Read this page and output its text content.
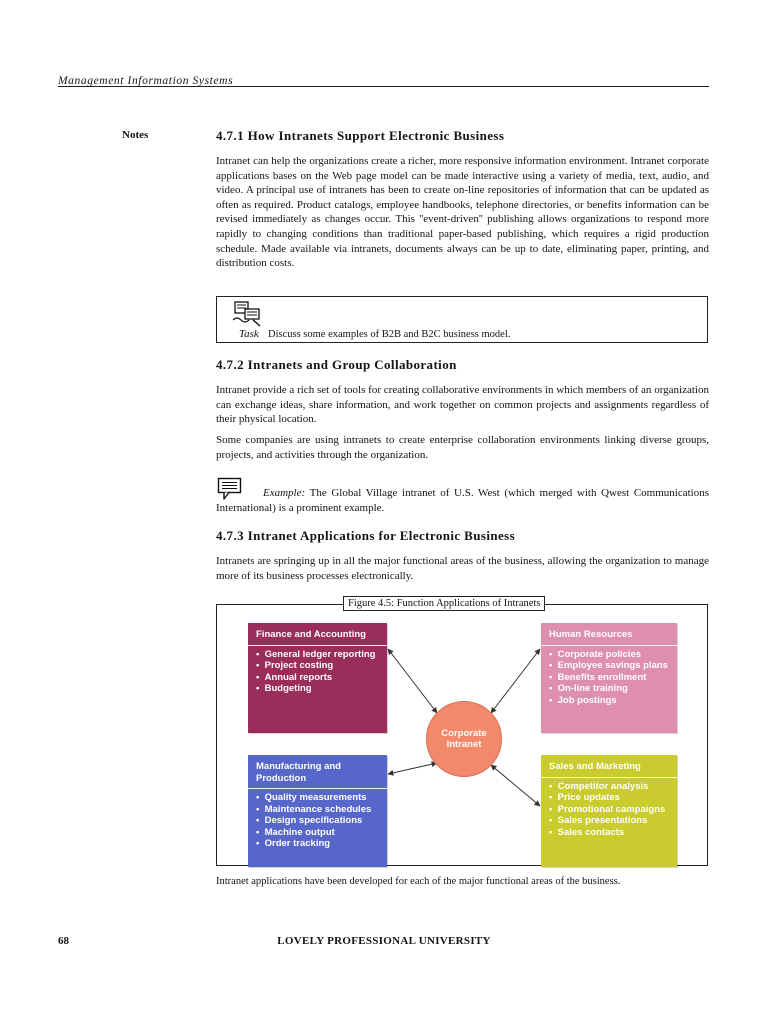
Management Information Systems
Notes	4.7.1 How Intranets Support Electronic Business

Intranet can help the organizations create a richer, more responsive information environment. Intranet corporate applications bases on the Web page model can be made interactive using a variety of media, text, audio, and video. A principal use of intranets has been to create on-line repositories of information that can be updated as often as required. Product catalogs, employee handbooks, telephone directories, or benefits information can be revised immediately as changes occur. This ''event-driven'' publishing allows organizations to respond more rapidly to changing conditions than traditional paper-based publishing, which requires a rigid production schedule. Made available via intranets, documents always can be up to date, eliminating paper, printing, and distribution costs.

Task Discuss some examples of B2B and B2C business model.
4.7.2 Intranets and Group Collaboration

Intranet provide a rich set of tools for creating collaborative environments in which members of an organization can exchange ideas, share information, and work together on common projects and assignments regardless of their physical location.

Some companies are using intranets to create enterprise collaboration environments linking diverse groups, projects, and activities through the organization.

Example: The Global Village intranet of U.S. West (which merged with Qwest Communications International) is a prominent example.

4.7.3 Intranet Applications for Electronic Business

Intranets are springing up in all the major functional areas of the business, allowing the organization to manage more of its business processes electronically.

Figure 4.5: Function Applications of Intranets
Finance and Accounting
•  General ledger reporting
•  Project costing
•  Annual reports
•  Budgeting
Human Resources
•  Corporate policies
•  Employee savings plans
•  Benefits enrollment
•  On-line training
•  Job postings
Manufacturing and Production
•  Quality measurements
•  Maintenance schedules
•  Design specifications
•  Machine output
•  Order tracking
Sales and Marketing
•  Competitor analysis
•  Price updates
•  Promotional campaigns
•  Sales presentations
•  Sales contacts
Corporate Intranet

Intranet applications have been developed for each of the major functional areas of the business.

68	LOVELY PROFESSIONAL UNIVERSITY
